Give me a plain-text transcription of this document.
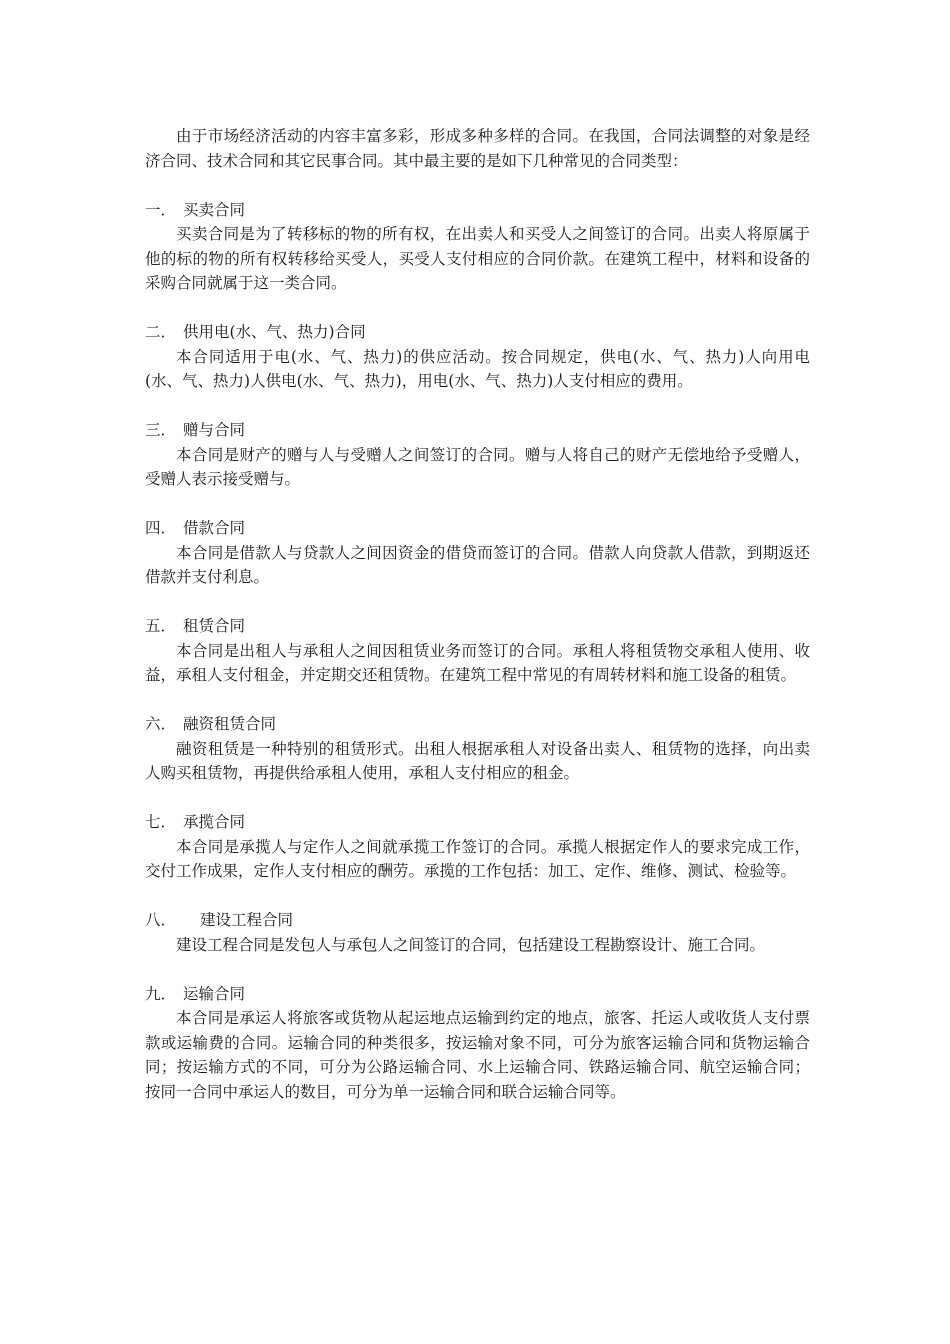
由于市场经济活动的内容丰富多彩，形成多种多样的合同。在我国，合同法调整的对象是经济合同、技术合同和其它民事合同。其中最主要的是如下几种常见的合同类型：

一． 买卖合同

买卖合同是为了转移标的物的所有权，在出卖人和买受人之间签订的合同。出卖人将原属于他的标的物的所有权转移给买受人，买受人支付相应的合同价款。在建筑工程中，材料和设备的采购合同就属于这一类合同。

二． 供用电(水、气、热力)合同

本合同适用于电(水、气、热力)的供应活动。按合同规定，供电(水、气、热力)人向用电(水、气、热力)人供电(水、气、热力)，用电(水、气、热力)人支付相应的费用。

三． 赠与合同

本合同是财产的赠与人与受赠人之间签订的合同。赠与人将自己的财产无偿地给予受赠人，受赠人表示接受赠与。

四． 借款合同

本合同是借款人与贷款人之间因资金的借贷而签订的合同。借款人向贷款人借款，到期返还借款并支付利息。

五． 租赁合同

本合同是出租人与承租人之间因租赁业务而签订的合同。承租人将租赁物交承租人使用、收益，承租人支付租金，并定期交还租赁物。在建筑工程中常见的有周转材料和施工设备的租赁。

六． 融资租赁合同

融资租赁是一种特别的租赁形式。出租人根据承租人对设备出卖人、租赁物的选择，向出卖人购买租赁物，再提供给承租人使用，承租人支付相应的租金。

七． 承揽合同

本合同是承揽人与定作人之间就承揽工作签订的合同。承揽人根据定作人的要求完成工作，交付工作成果，定作人支付相应的酬劳。承揽的工作包括：加工、定作、维修、测试、检验等。

八．	建设工程合同

建设工程合同是发包人与承包人之间签订的合同，包括建设工程勘察设计、施工合同。

九． 运输合同

本合同是承运人将旅客或货物从起运地点运输到约定的地点，旅客、托运人或收货人支付票款或运输费的合同。运输合同的种类很多，按运输对象不同，可分为旅客运输合同和货物运输合同；按运输方式的不同，可分为公路运输合同、水上运输合同、铁路运输合同、航空运输合同；按同一合同中承运人的数目，可分为单一运输合同和联合运输合同等。
